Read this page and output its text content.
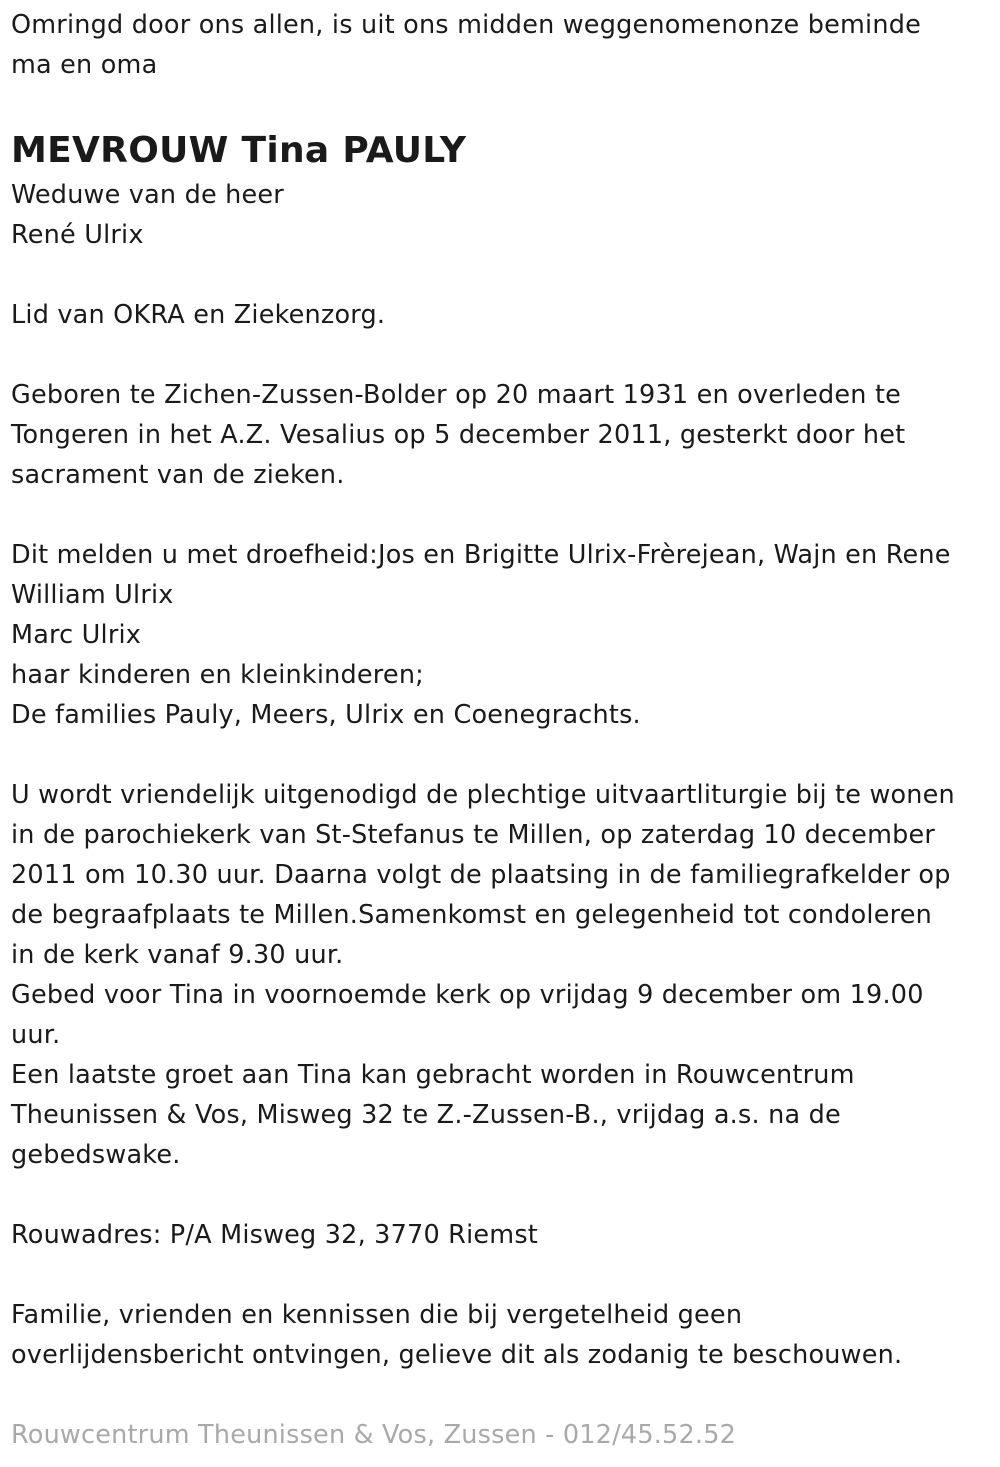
Omringd door ons allen, is uit ons midden weggenomenonze beminde
ma en oma
MEVROUW Tina PAULY
Weduwe van de heer
René Ulrix
Lid van OKRA en Ziekenzorg.
Geboren te Zichen-Zussen-Bolder op 20 maart 1931 en overleden te
Tongeren in het A.Z. Vesalius op 5 december 2011, gesterkt door het
sacrament van de zieken.
Dit melden u met droefheid:Jos en Brigitte Ulrix-Frèrejean, Wajn en Rene
William Ulrix
Marc Ulrix
haar kinderen en kleinkinderen;
De families Pauly, Meers, Ulrix en Coenegrachts.
U wordt vriendelijk uitgenodigd de plechtige uitvaartliturgie bij te wonen
in de parochiekerk van St-Stefanus te Millen, op zaterdag 10 december
2011 om 10.30 uur. Daarna volgt de plaatsing in de familiegrafkelder op
de begraafplaats te Millen.Samenkomst en gelegenheid tot condoleren
in de kerk vanaf 9.30 uur.
Gebed voor Tina in voornoemde kerk op vrijdag 9 december om 19.00
uur.
Een laatste groet aan Tina kan gebracht worden in Rouwcentrum
Theunissen & Vos, Misweg 32 te Z.-Zussen-B., vrijdag a.s. na de
gebedswake.
Rouwadres: P/A Misweg 32, 3770 Riemst
Familie, vrienden en kennissen die bij vergetelheid geen
overlijdensbericht ontvingen, gelieve dit als zodanig te beschouwen.
Rouwcentrum Theunissen & Vos, Zussen - 012/45.52.52
